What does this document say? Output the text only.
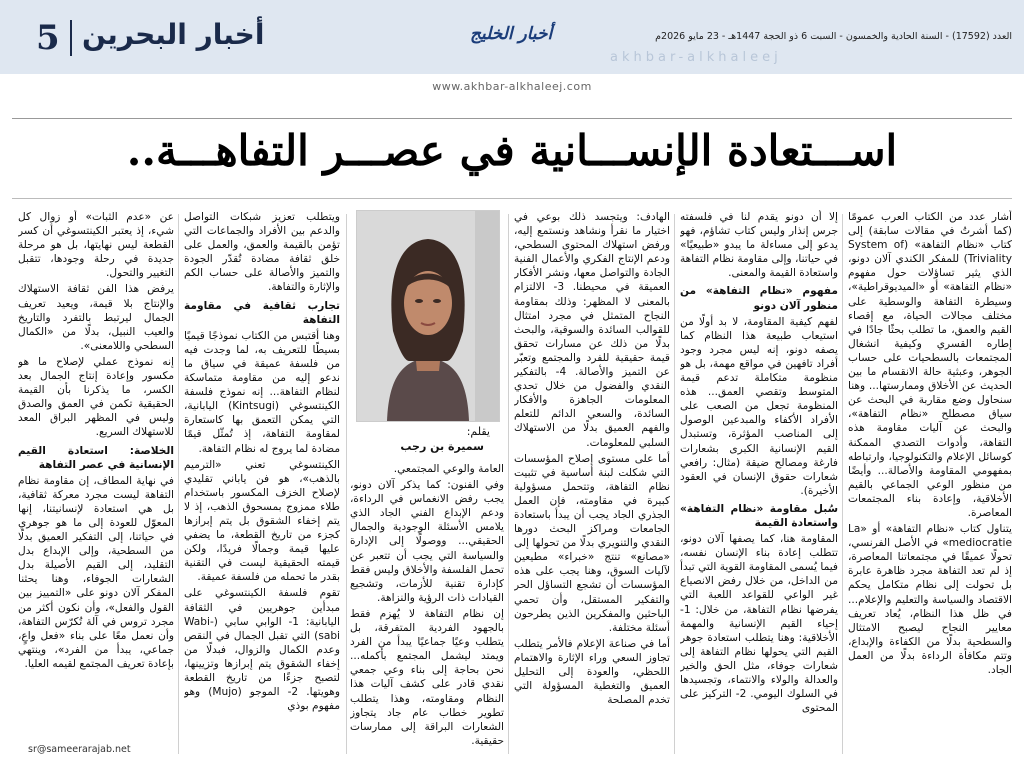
5 أخبار البحرين	أخبار الخليج	العدد (17592) - السنة الحادية والخمسون - السبت 6 ذو الحجة 1447هـ - 23 مايو 2026م
akhbar-alkhaleej
www.akhbar-alkhaleej.com
اســـتعادة الإنســـانية في عصـــر التفاهـــة..

أشار عدد من الكتاب العرب عمومًا (كما أشرتُ في مقالات سابقة) إلى كتاب «نظام التفاهة» (System of Triviality) للمفكر الكندي آلان دونو، الذي يثير تساؤلات حول مفهوم «نظام التفاهة» أو «الميديوقراطية»، وسيطرة التفاهة والوسطية على مختلف مجالات الحياة، مع إقصاء القيم والعمق، ما تطلب بحثًا جادًا في إطاره القسري وكيفية انشغال المجتمعات بالسطحيات على حساب الجوهر، وعبثية حالة الانقسام ما بين الحديث عن الأخلاق وممارستها... وهنا سنحاول وضع مقاربة في البحث عن سياق مصطلح «نظام التفاهة»، والبحث عن آليات مقاومة هذه التفاهة، وأدوات التصدي الممكنة كوسائل الإعلام والتكنولوجيا، وارتباطه بمفهومي المقاومة والأصالة... وأيضًا من منظور الوعي الجماعي بالقيم الأخلاقية، وإعادة بناء المجتمعات المعاصرة.

يتناول كتاب «نظام التفاهة» أو «La mediocratie» في الأصل الفرنسي، تحولًا عميقًا في مجتمعاتنا المعاصرة، إذ لم تعد التفاهة مجرد ظاهرة عابرة بل تحولت إلى نظام متكامل يحكم الاقتصاد والسياسة والتعليم والإعلام... في ظل هذا النظام، يُعاد تعريف معايير النجاح ليصبح الامتثال والسطحية بدلًا من الكفاءة والإبداع، وتتم مكافأة الرداءة بدلًا من العمل الجاد.

إلا أن دونو يقدم لنا في فلسفته جرس إنذار وليس كتاب تشاؤم، فهو يدعو إلى مساءلة ما يبدو «طبيعيًا» في حياتنا، وإلى مقاومة نظام التفاهة واستعادة القيمة والمعنى.

مفهوم «نظام التفاهة» من منظور آلان دونو

لفهم كيفية المقاومة، لا بد أولًا من استيعاب طبيعة هذا النظام كما يصفه دونو، إنه ليس مجرد وجود أفراد تافهين في مواقع مهمة، بل هو منظومة متكاملة تدعم قيمة المتوسط وتقصي العمق... هذه المنظومة تجعل من الصعب على الأفراد الأكفاء والمبدعين الوصول إلى المناصب المؤثرة، وتستبدل القيم الإنسانية الكبرى بشعارات فارغة ومصالح ضيقة (مثال: رافعي شعارات حقوق الإنسان في العقود الأخيرة).

سُبل مقاومة «نظام التفاهة» واستعادة القيمة

المقاومة هنا، كما يصفها آلان دونو، تتطلب إعادة بناء الإنسان نفسه، فيما يُسمى المقاومة القوية التي تبدأ من الداخل، من خلال رفض الانصياع غير الواعي للقواعد اللعبة التي يفرضها نظام التفاهة، من خلال: 1- إحياء القيم الإنسانية والمهمة الأخلاقية: وهنا يتطلب استعادة جوهر القيم التي يحولها نظام التفاهة إلى شعارات جوفاء، مثل الحق والخير والعدالة والولاء والانتماء، وتجسيدها في السلوك اليومي. 2- التركيز على المحتوى

الهادف: ويتجسد ذلك بوعي في اختيار ما نقرأ ونشاهد ونستمع إليه، ورفض استهلاك المحتوى السطحي، ودعم الإنتاج الفكري والأعمال الفنية الجادة والتواصل معها، ونشر الأفكار العميقة في محيطنا. 3- الالتزام بالمعنى لا المظهر: وذلك بمقاومة النجاح المتمثل في مجرد امتثال للقوالب السائدة والسوقية، والبحث بدلًا من ذلك عن مسارات تحقق قيمة حقيقية للفرد والمجتمع وتعبّر عن التميز والأصالة. 4- بالتفكير النقدي والفضول من خلال تحدي المعلومات الجاهزة والأفكار السائدة، والسعي الدائم للتعلم والفهم العميق بدلًا من الاستهلاك السلبي للمعلومات.

أما على مستوى إصلاح المؤسسات التي شكلت لبنة أساسية في تثبيت نظام التفاهة، وتتحمل مسؤولية كبيرة في مقاومته، فإن العمل الجذري الجاد يجب أن يبدأ باستعادة الجامعات ومراكز البحث دورها النقدي والتنويري بدلًا من تحولها إلى «مصانع» تنتج «خبراء» مطيعين لآليات السوق، وهنا يجب على هذه المؤسسات أن تشجع التساؤل الحر والتفكير المستقل، وأن تحمي الباحثين والمفكرين الذين يطرحون أسئلة مختلفة.

أما في صناعة الإعلام فالأمر يتطلب تجاوز السعي وراء الإثارة والاهتمام اللحظي، والعودة إلى التحليل العميق والتغطية المسؤولة التي تخدم المصلحة

يقلم:
سميرة بن رجب

العامة والوعي المجتمعي.

وفي الفنون: كما يذكر آلان دونو، يجب رفض الانغماس في الرداءة، ودعم الإبداع الفني الجاد الذي يلامس الأسئلة الوجودية والجمال الحقيقي... ووصولًا إلى الإدارة والسياسة التي يجب أن تتعبر عن تحمل الفلسفة والأخلاق وليس فقط كإدارة تقنية للأزمات، وتشجيع القيادات ذات الرؤية والنزاهة.

إن نظام التفاهة لا يُهزم فقط بالجهود الفردية المتفرقة، بل يتطلب وعيًا جماعيًا يبدأ من الفرد ويمتد ليشمل المجتمع بأكمله... نحن بحاجة إلى بناء وعي جمعي نقدي قادر على كشف آليات هذا النظام ومقاومته، وهذا يتطلب تطوير خطاب عام جاد يتجاوز الشعارات البراقة إلى ممارسات حقيقية.

ويتطلب تعزيز شبكات التواصل والدعم بين الأفراد والجماعات التي تؤمن بالقيمة والعمق، والعمل على خلق ثقافة مضادة تُقدّر الجودة والتميز والأصالة على حساب الكم والإثارة والتفاهة.

تجارب ثقافية في مقاومة التفاهة

وهنا أقتبس من الكتاب نموذجًا قيميًا بسيطًا للتعريف به، لما وجدت فيه من فلسفة عميقة في سياق ما ندعو إليه من مقاومة متماسكة لنظام التفاهة... إنه نموذج فلسفة الكينتسوغي (Kintsugi) اليابانية، التي يمكن التعمق بها كاستعارة لمقاومة التفاهة، إذ تُمثّل قيمًا مضادة لما يروج له نظام التفاهة.

الكينتسوغي تعني «الترميم بالذهب»، هو فن ياباني تقليدي لإصلاح الخزف المكسور باستخدام طلاء ممزوج بمسحوق الذهب، إذ لا يتم إخفاء الشقوق بل يتم إبرازها كجزء من تاريخ القطعة، ما يضفي عليها قيمة وجمالًا فريدًا، ولكن قيمته الحقيقية ليست في التقنية بقدر ما تحمله من فلسفة عميقة.

تقوم فلسفة الكينتسوغي على مبدأين جوهريين في الثقافة اليابانية: 1- الوابي سابي (Wabi-sabi) التي تقبل الجمال في النقص وعدم الكمال والزوال، فبدلًا من إخفاء الشقوق يتم إبرازها وتزيينها، لتصبح جزءًا من تاريخ القطعة وهويتها. 2- الموجو (Mujo) وهو مفهوم بوذي

عن «عدم الثبات» أو زوال كل شيء، إذ يعتبر الكينتسوغي أن كسر القطعة ليس نهايتها، بل هو مرحلة جديدة في رحلة وجودها، تتقبل التغيير والتحول.

يرفض هذا الفن ثقافة الاستهلاك والإنتاج بلا قيمة، ويعيد تعريف الجمال ليرتبط بالتفرد والتاريخ والعيب النبيل، بدلًا من «الكمال السطحي واللامعنى».

إنه نموذج عملي لإصلاح ما هو مكسور وإعادة إنتاج الجمال بعد الكسر، ما يذكرنا بأن القيمة الحقيقية تكمن في العمق والصدق وليس في المظهر البراق المعد للاستهلاك السريع.

الخلاصة: استعادة القيم الإنسانية في عصر التفاهة

في نهاية المطاف، إن مقاومة نظام التفاهة ليست مجرد معركة ثقافية، بل هي استعادة لإنسانيتنا، إنها المعوّل للعودة إلى ما هو جوهري في حياتنا، إلى التفكير العميق بدلًا من السطحية، وإلى الإبداع بدل التقليد، إلى القيم الأصيلة بدل الشعارات الجوفاء، وهنا يحثنا المفكر آلان دونو على «التمييز بين القول والفعل»، وأن نكون أكثر من مجرد تروس في آلة تُكرّس التفاهة، وأن نعمل معًا على بناء «فعل واعٍ، جماعي، يبدأ من الفرد»، وينتهي بإعادة تعريف المجتمع لقيمه العليا.

sr@sameerarajab.net
